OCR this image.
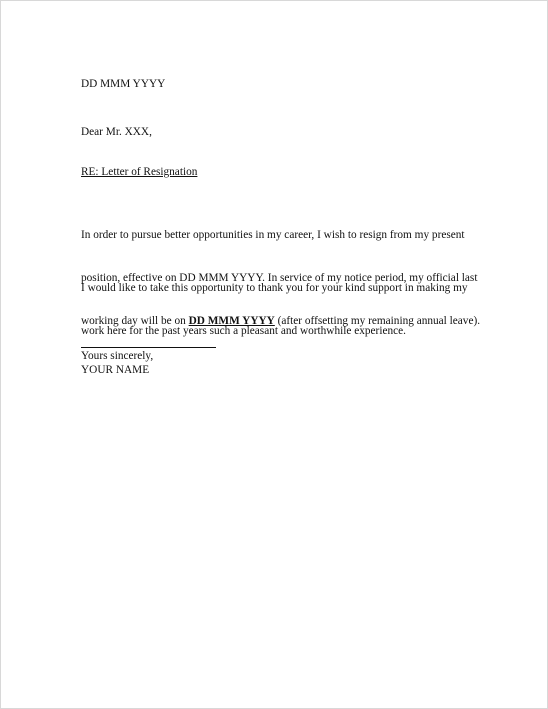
DD MMM YYYY
Dear Mr. XXX,
RE: Letter of Resignation

In order to pursue better opportunities in my career, I wish to resign from my present

position, effective on DD MMM YYYY. In service of my notice period, my official last

working day will be on DD MMM YYYY (after offsetting my remaining annual leave).

I would like to take this opportunity to thank you for your kind support in making my

work here for the past years such a pleasant and worthwhile experience.

Yours sincerely,
YOUR NAME
